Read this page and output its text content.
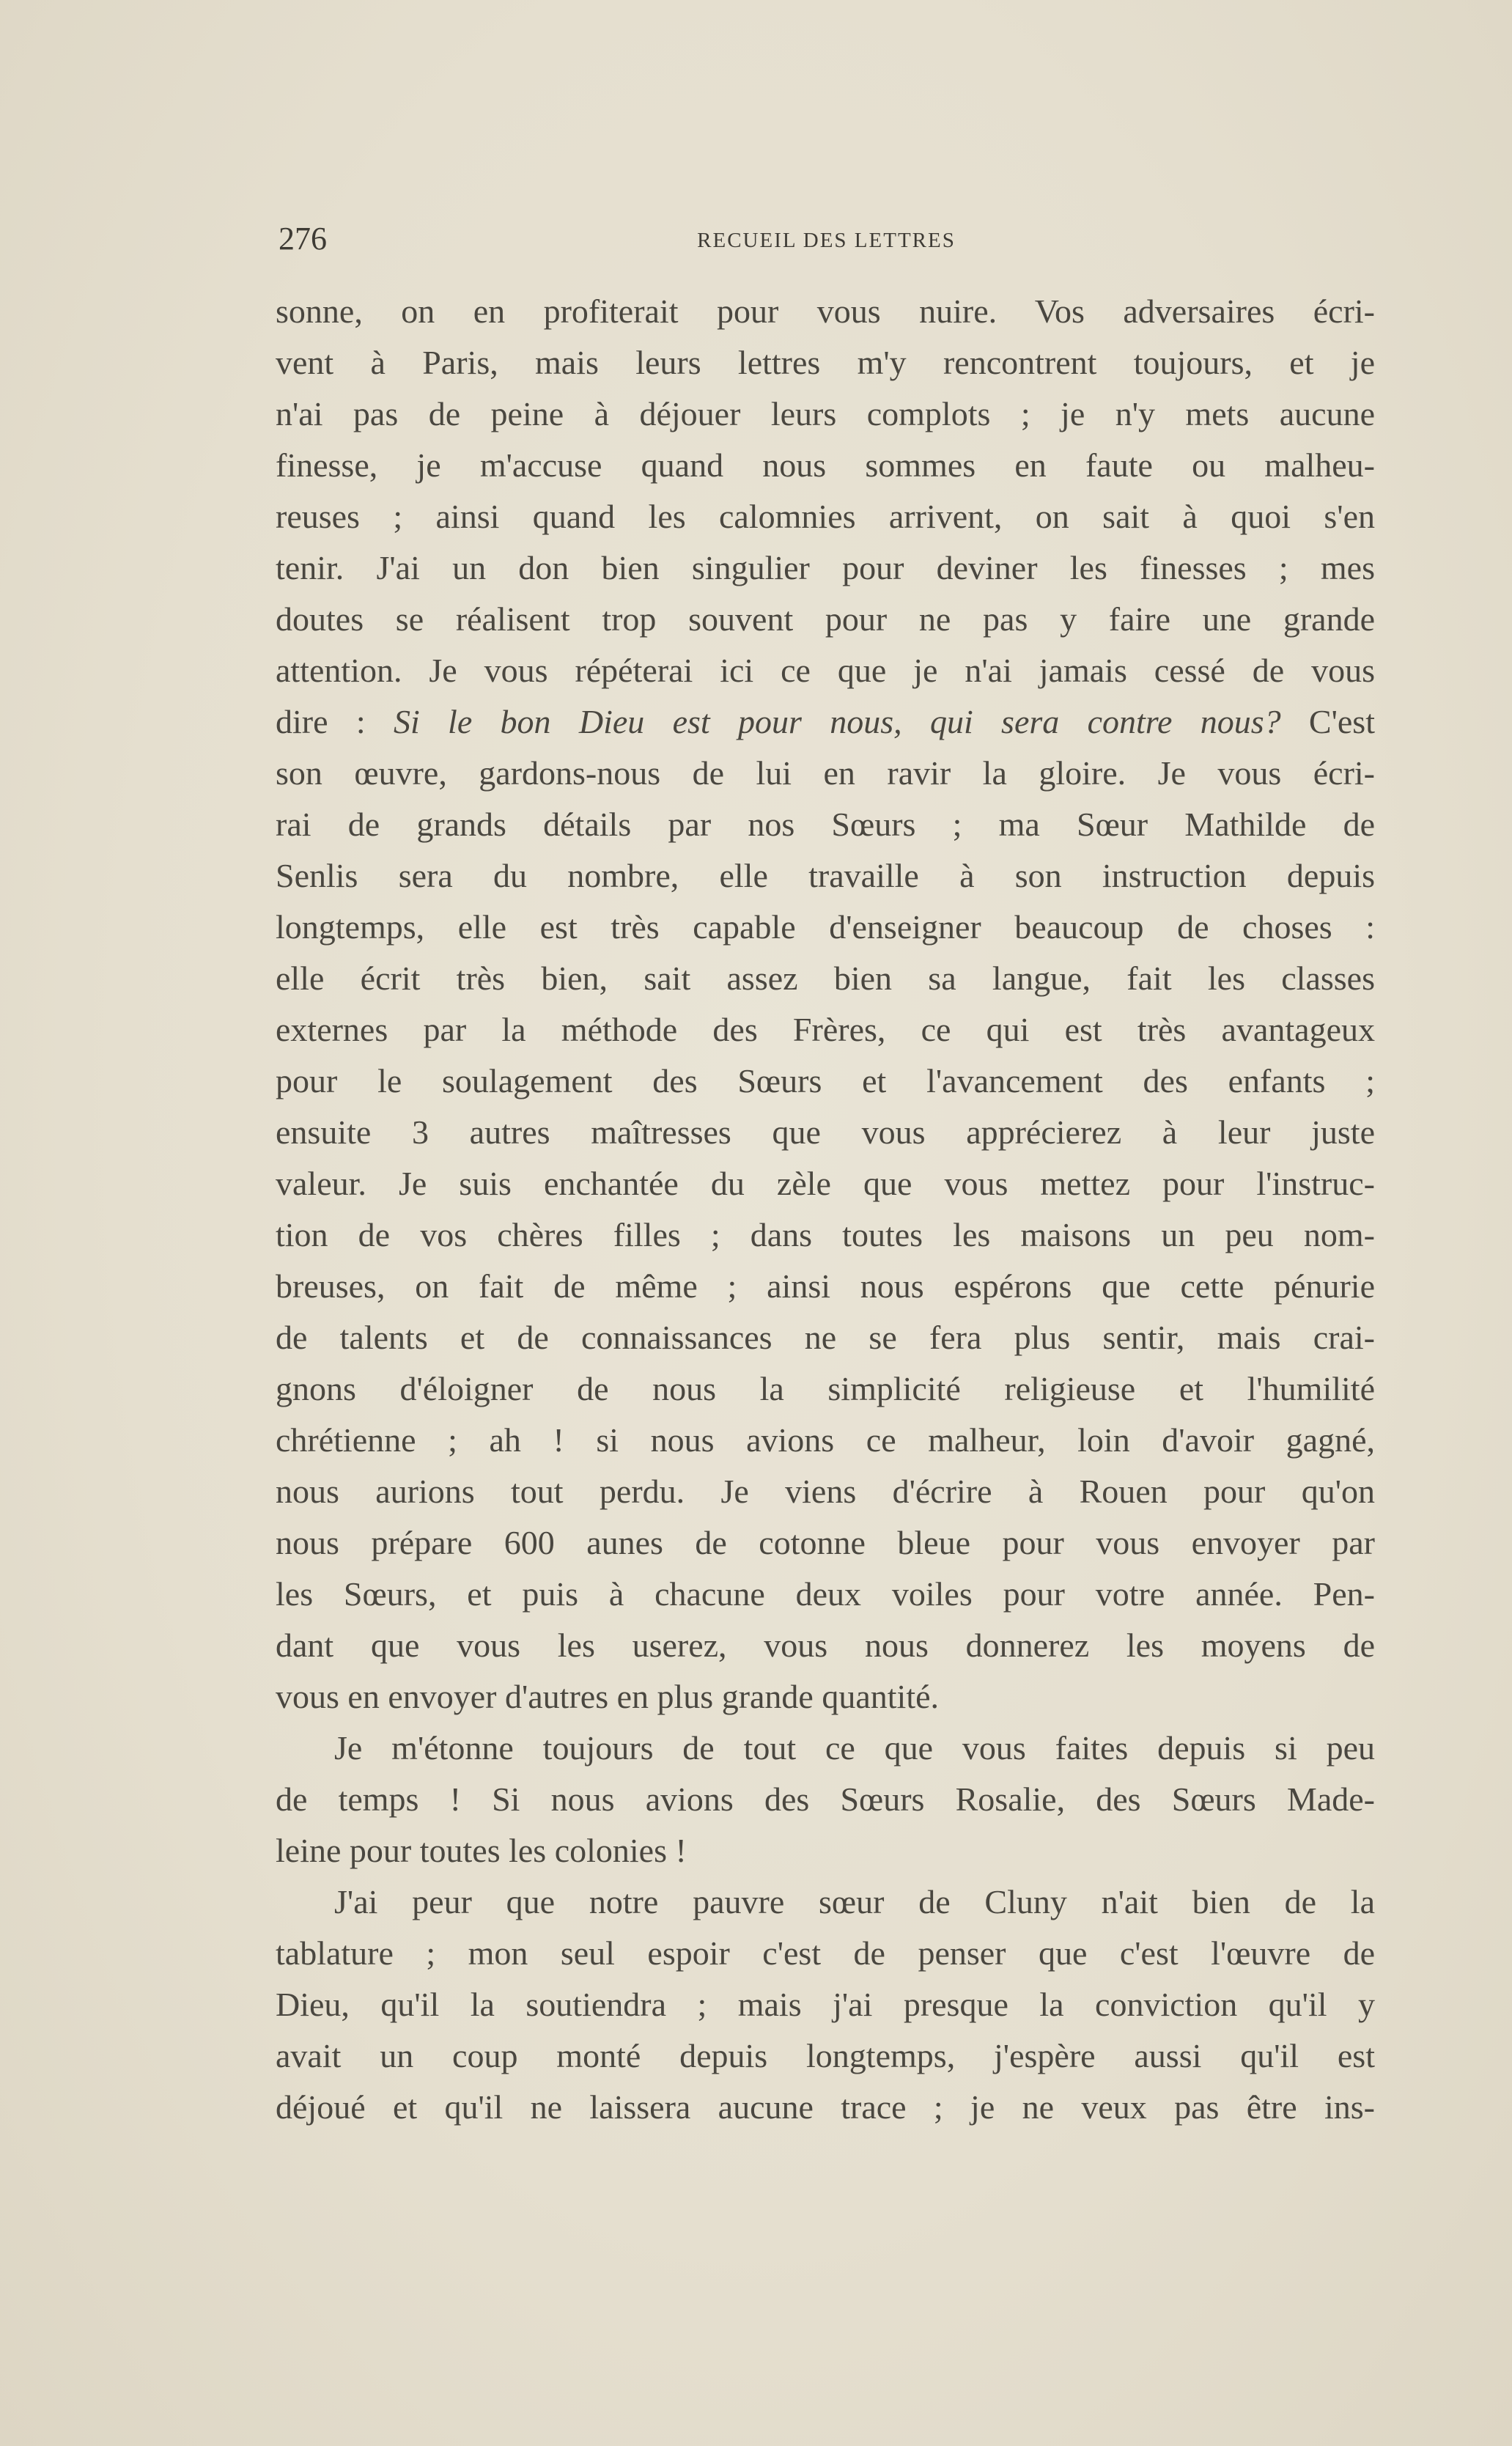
276	RECUEIL DES LETTRES
sonne, on en profiterait pour vous nuire. Vos adversaires écri-
vent à Paris, mais leurs lettres m'y rencontrent toujours, et je
n'ai pas de peine à déjouer leurs complots ; je n'y mets aucune
finesse, je m'accuse quand nous sommes en faute ou malheu-
reuses ; ainsi quand les calomnies arrivent, on sait à quoi s'en
tenir. J'ai un don bien singulier pour deviner les finesses ; mes
doutes se réalisent trop souvent pour ne pas y faire une grande
attention. Je vous répéterai ici ce que je n'ai jamais cessé de vous
dire : Si le bon Dieu est pour nous, qui sera contre nous? C'est
son œuvre, gardons-nous de lui en ravir la gloire. Je vous écri-
rai de grands détails par nos Sœurs ; ma Sœur Mathilde de
Senlis sera du nombre, elle travaille à son instruction depuis
longtemps, elle est très capable d'enseigner beaucoup de choses :
elle écrit très bien, sait assez bien sa langue, fait les classes
externes par la méthode des Frères, ce qui est très avantageux
pour le soulagement des Sœurs et l'avancement des enfants ;
ensuite 3 autres maîtresses que vous apprécierez à leur juste
valeur. Je suis enchantée du zèle que vous mettez pour l'instruc-
tion de vos chères filles ; dans toutes les maisons un peu nom-
breuses, on fait de même ; ainsi nous espérons que cette pénurie
de talents et de connaissances ne se fera plus sentir, mais crai-
gnons d'éloigner de nous la simplicité religieuse et l'humilité
chrétienne ; ah ! si nous avions ce malheur, loin d'avoir gagné,
nous aurions tout perdu. Je viens d'écrire à Rouen pour qu'on
nous prépare 600 aunes de cotonne bleue pour vous envoyer par
les Sœurs, et puis à chacune deux voiles pour votre année. Pen-
dant que vous les userez, vous nous donnerez les moyens de
vous en envoyer d'autres en plus grande quantité.
Je m'étonne toujours de tout ce que vous faites depuis si peu
de temps ! Si nous avions des Sœurs Rosalie, des Sœurs Made-
leine pour toutes les colonies !
J'ai peur que notre pauvre sœur de Cluny n'ait bien de la
tablature ; mon seul espoir c'est de penser que c'est l'œuvre de
Dieu, qu'il la soutiendra ; mais j'ai presque la conviction qu'il y
avait un coup monté depuis longtemps, j'espère aussi qu'il est
déjoué et qu'il ne laissera aucune trace ; je ne veux pas être ins-
